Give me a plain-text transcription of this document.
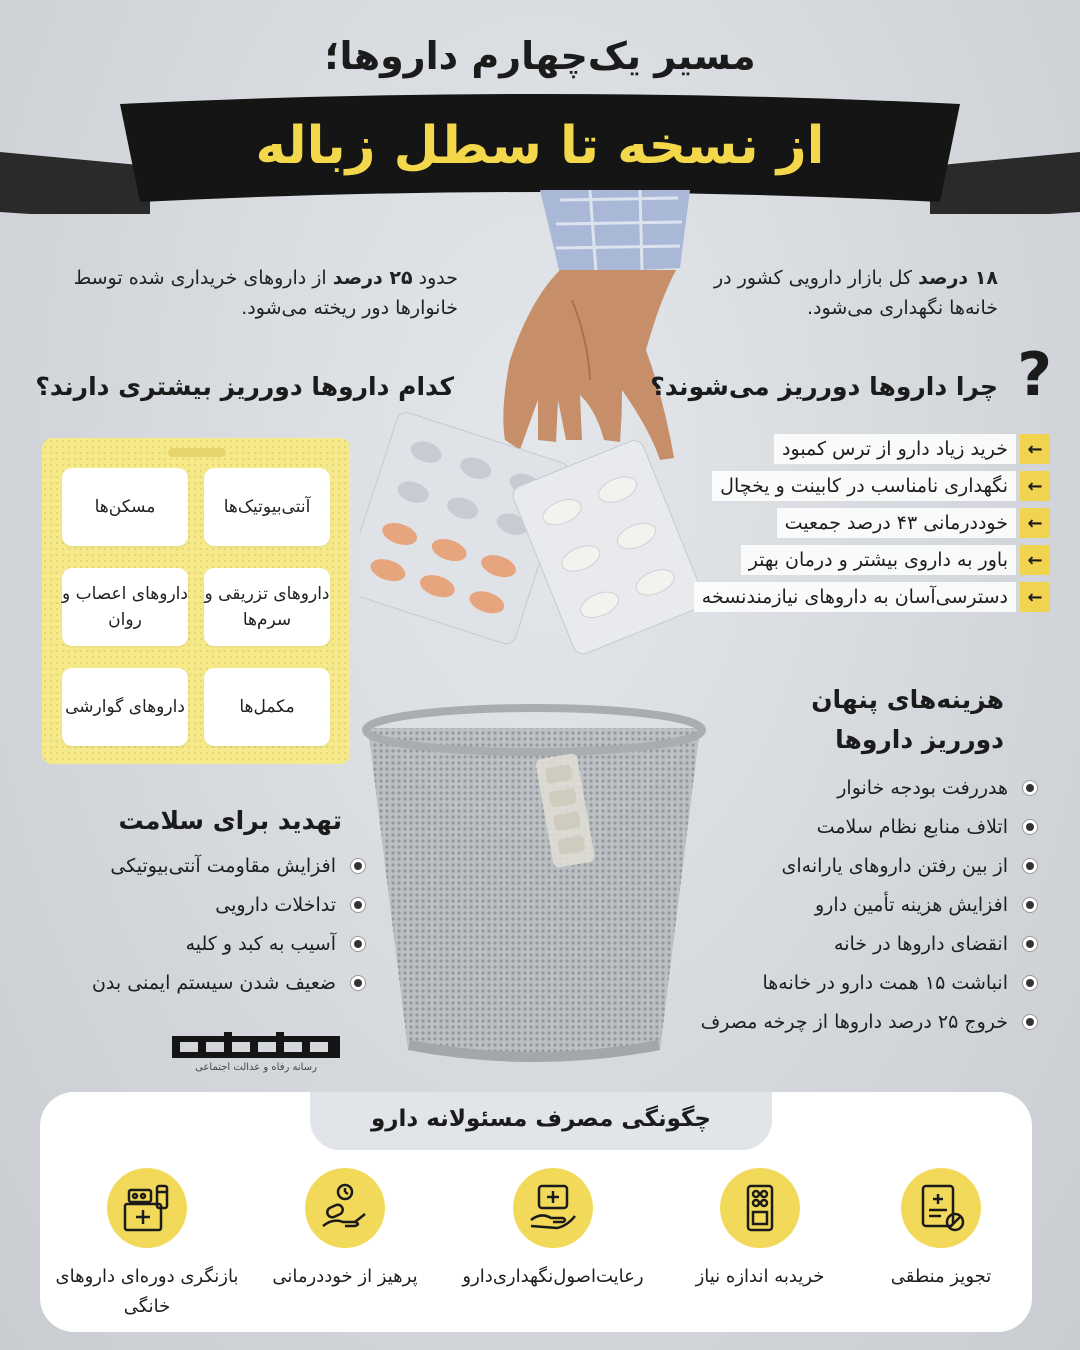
مسیر یک‌چهارم داروها؛
از نسخه تا سطل زباله
۱۸ درصد کل بازار دارویی کشور در خانه‌ها نگهداری می‌شود.
حدود ۲۵ درصد از داروهای خریداری شده توسط خانوارها دور ریخته می‌شود.
?
چرا داروها دورریز می‌شوند؟
←
خرید زیاد دارو از ترس کمبود
←
نگهداری نامناسب در کابینت و یخچال
←
خوددرمانی ۴۳ درصد جمعیت
←
باور به داروی بیشتر و درمان بهتر
←
دسترسی‌آسان به داروهای نیازمند‌نسخه
کدام داروها دورریز بیشتری دارند؟
آنتی‌بیوتیک‌ها
مسکن‌ها
داروهای تزریقی و سرم‌ها
داروهای اعصاب و روان
مکمل‌ها
داروهای گوارشی	هزینه‌های پنهان
دورریز داروها
هدررفت بودجه خانوار
اتلاف منابع نظام سلامت
از بین رفتن داروهای یارانه‌ای
افزایش هزینه تأمین دارو
انقضای داروها در خانه
انباشت ۱۵ همت دارو در خانه‌ها
خروج ۲۵ درصد داروها از چرخه مصرف
تهدید برای سلامت
افزایش مقاومت آنتی‌بیوتیکی
تداخلات دارویی
آسیب به کبد و کلیه
ضعیف شدن سیستم ایمنی بدن
رسانه رفاه و عدالت اجتماعی
چگونگی مصرف مسئولانه دارو
تجویز منطقی
خرید‌به اندازه نیاز
رعایت‌اصول‌نگهداری‌دارو
پرهیز از خوددرمانی
بازنگری دوره‌ای داروهای خانگی
